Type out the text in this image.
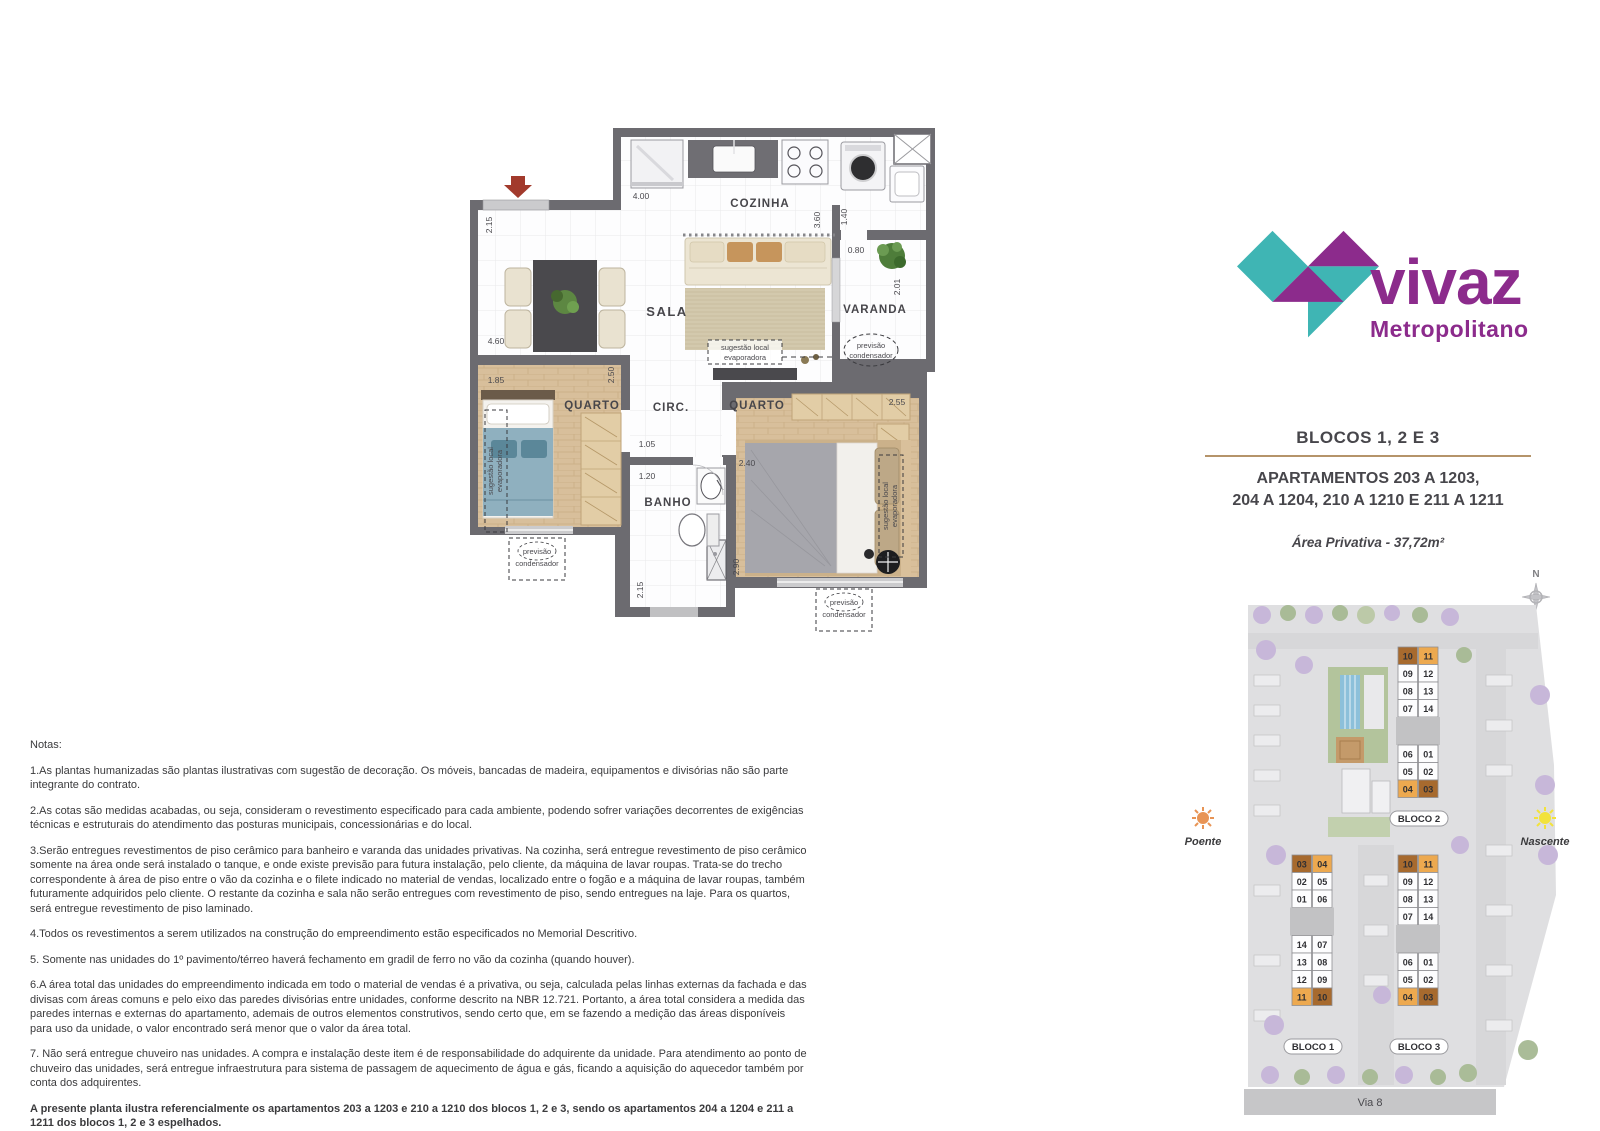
sugestão local
evaporadora
sugestão local evaporadora
sugestão local evaporadora
previsão
condensador
previsão
condensador
previsão
condensador
COZINHA
SALA	VARANDA
QUARTO	CIRC.	QUARTO
BANHO
4.00
2.15	3.60 1.40
0.80
2.01
4.60
1.85	2.50
2.55
1.05
1.20
2.40
2.90
2.15
vivaz
Metropolitano
BLOCOS 1, 2 E 3
APARTAMENTOS 203 A 1203,
204 A 1204, 210 A 1210 E 211 A 1211
Área Privativa - 37,72m²

Notas:

1.As plantas humanizadas são plantas ilustrativas com sugestão de decoração. Os móveis, bancadas de madeira, equipamentos e divisórias não são parte integrante do contrato.

2.As cotas são medidas acabadas, ou seja, consideram o revestimento especificado para cada ambiente, podendo sofrer variações decorrentes de exigências técnicas e estruturais do atendimento das posturas municipais, concessionárias e do local.

3.Serão entregues revestimentos de piso cerâmico para banheiro e varanda das unidades privativas. Na cozinha, será entregue revestimento de piso cerâmico somente na área onde será instalado o tanque, e onde existe previsão para futura instalação, pelo cliente, da máquina de lavar roupas. Trata-se do trecho correspondente à área de piso entre o vão da cozinha e o filete indicado no material de vendas, localizado entre o fogão e a máquina de lavar roupas, também futuramente adquiridos pelo cliente. O restante da cozinha e sala não serão entregues com revestimento de piso, sendo entregues na laje. Para os quartos, será entregue revestimento de piso laminado.

4.Todos os revestimentos a serem utilizados na construção do empreendimento estão especificados no Memorial Descritivo.

5. Somente nas unidades do 1º pavimento/térreo haverá fechamento em gradil de ferro no vão da cozinha (quando houver).

6.A área total das unidades do empreendimento indicada em todo o material de vendas é a privativa, ou seja, calculada pelas linhas externas da fachada e das divisas com áreas comuns e pelo eixo das paredes divisórias entre unidades, conforme descrito na NBR 12.721. Portanto, a área total considera a medida das paredes internas e externas do apartamento, ademais de outros elementos construtivos, sendo certo que, em se fazendo a medição das áreas disponíveis para uso da unidade, o valor encontrado será menor que o valor da área total.

7. Não será entregue chuveiro nas unidades. A compra e instalação deste item é de responsabilidade do adquirente da unidade. Para atendimento ao ponto de chuveiro das unidades, será entregue infraestrutura para sistema de passagem de aquecimento de água e gás, ficando a aquisição do aquecedor também por conta dos adquirentes.

A presente planta ilustra referencialmente os apartamentos 203 a 1203 e 210 a 1210 dos blocos 1, 2 e 3, sendo os apartamentos 204 a 1204 e 211 a 1211 dos blocos 1, 2 e 3 espelhados.

N
10 11
09 12
08 13
07 14
06 01
05 02
04 03
03 04
02 05
01 06
14 07
13 08
12 09
11 10
10 11
09 12
08 13
07 14
06 01
05 02
04 03
BLOCO 2
BLOCO 1	BLOCO 3
Via 8
Poente	Nascente
